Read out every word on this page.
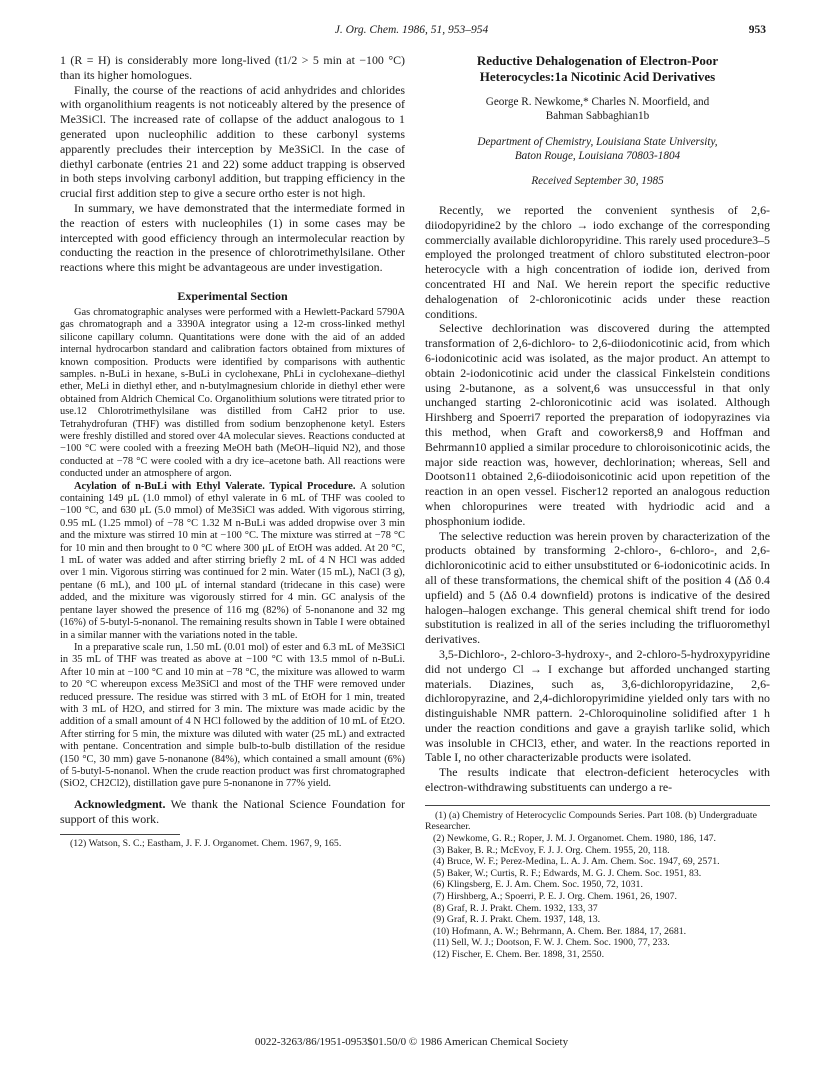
J. Org. Chem. 1986, 51, 953–954	953

1 (R = H) is considerably more long-lived (t1/2 > 5 min at −100 °C) than its higher homologues.

Finally, the course of the reactions of acid anhydrides and chlorides with organolithium reagents is not noticeably altered by the presence of Me3SiCl. The increased rate of collapse of the adduct analogous to 1 generated upon nucleophilic addition to these carbonyl systems apparently precludes their interception by Me3SiCl. In the case of diethyl carbonate (entries 21 and 22) some adduct trapping is observed in both steps involving carbonyl addition, but trapping efficiency in the crucial first addition step to give a secure ortho ester is not high.

In summary, we have demonstrated that the intermediate formed in the reaction of esters with nucleophiles (1) in some cases may be intercepted with good efficiency through an intermolecular reaction by conducting the reaction in the presence of chlorotrimethylsilane. Other reactions where this might be advantageous are under investigation.

Experimental Section

Gas chromatographic analyses were performed with a Hewlett-Packard 5790A gas chromatograph and a 3390A integrator using a 12-m cross-linked methyl silicone capillary column. Quantitations were done with the aid of an added internal hydrocarbon standard and calibration factors obtained from mixtures of known composition. Products were identified by comparisons with authentic samples. n-BuLi in hexane, s-BuLi in cyclohexane, PhLi in cyclohexane–diethyl ether, MeLi in diethyl ether, and n-butylmagnesium chloride in diethyl ether were obtained from Aldrich Chemical Co. Organolithium solutions were titrated prior to use.12 Chlorotrimethylsilane was distilled from CaH2 prior to use. Tetrahydrofuran (THF) was distilled from sodium benzophenone ketyl. Esters were freshly distilled and stored over 4A molecular sieves. Reactions conducted at −100 °C were cooled with a freezing MeOH bath (MeOH–liquid N2), and those conducted at −78 °C were cooled with a dry ice–acetone bath. All reactions were conducted under an atmosphere of argon.

Acylation of n-BuLi with Ethyl Valerate. Typical Procedure. A solution containing 149 μL (1.0 mmol) of ethyl valerate in 6 mL of THF was cooled to −100 °C, and 630 μL (5.0 mmol) of Me3SiCl was added. With vigorous stirring, 0.95 mL (1.25 mmol) of −78 °C 1.32 M n-BuLi was added dropwise over 3 min and the mixture was stirred 10 min at −100 °C. The mixture was stirred at −78 °C for 10 min and then brought to 0 °C where 300 μL of EtOH was added. At 20 °C, 1 mL of water was added and after stirring briefly 2 mL of 4 N HCl was added over 1 min. Vigorous stirring was continued for 2 min. Water (15 mL), NaCl (3 g), pentane (6 mL), and 100 μL of internal standard (tridecane in this case) were added, and the mixiture was vigorously stirred for 4 min. GC analysis of the pentane layer showed the presence of 116 mg (82%) of 5-nonanone and 32 mg (16%) of 5-butyl-5-nonanol. The remaining results shown in Table I were obtained in a similar manner with the variations noted in the table.

In a preparative scale run, 1.50 mL (0.01 mol) of ester and 6.3 mL of Me3SiCl in 35 mL of THF was treated as above at −100 °C with 13.5 mmol of n-BuLi. After 10 min at −100 °C and 10 min at −78 °C, the mixiture was allowed to warm to 20 °C whereupon excess Me3SiCl and most of the THF were removed under reduced pressure. The residue was stirred with 3 mL of EtOH for 1 min, treated with 3 mL of H2O, and stirred for 3 min. The mixture was made acidic by the addition of a small amount of 4 N HCl followed by the addition of 10 mL of Et2O. After stirring for 5 min, the mixture was diluted with water (25 mL) and extracted with pentane. Concentration and simple bulb-to-bulb distillation of the residue (150 °C, 30 mm) gave 5-nonanone (84%), which contained a small amount (6%) of 5-butyl-5-nonanol. When the crude reaction product was first chromatographed (SiO2, CH2Cl2), distillation gave pure 5-nonanone in 77% yield.

Acknowledgment. We thank the National Science Foundation for support of this work.

(12) Watson, S. C.; Eastham, J. F. J. Organomet. Chem. 1967, 9, 165.

Reductive Dehalogenation of Electron-Poor
Heterocycles:1a Nicotinic Acid Derivatives

George R. Newkome,* Charles N. Moorfield, and
Bahman Sabbaghian1b

Department of Chemistry, Louisiana State University,
Baton Rouge, Louisiana 70803-1804

Received September 30, 1985

Recently, we reported the convenient synthesis of 2,6-diiodopyridine2 by the chloro → iodo exchange of the corresponding commercially available dichloropyridine. This rarely used procedure3–5 employed the prolonged treatment of chloro substituted electron-poor heterocycle with a high concentration of iodide ion, derived from concentrated HI and NaI. We herein report the specific reductive dehalogenation of 2-chloronicotinic acids under these reaction conditions.

Selective dechlorination was discovered during the attempted transformation of 2,6-dichloro- to 2,6-diiodonicotinic acid, from which 6-iodonicotinic acid was isolated, as the major product. An attempt to obtain 2-iodonicotinic acid under the classical Finkelstein conditions using 2-butanone, as a solvent,6 was unsuccessful in that only unchanged starting 2-chloronicotinic acid was isolated. Although Hirshberg and Spoerri7 reported the preparation of iodopyrazines via this method, when Graft and coworkers8,9 and Hoffman and Behrmann10 applied a similar procedure to chloroisonicotinic acids, the major side reaction was, however, dechlorination; whereas, Sell and Dootson11 obtained 2,6-diiodoisonicotinic acid upon repetition of the reaction in an open vessel. Fischer12 reported an analogous reduction when chloropurines were treated with hydriodic acid and a phosphonium iodide.

The selective reduction was herein proven by characterization of the products obtained by transforming 2-chloro-, 6-chloro-, and 2,6-dichloronicotinic acid to either unsubstituted or 6-iodonicotinic acids. In all of these transformations, the chemical shift of the position 4 (Δδ 0.4 upfield) and 5 (Δδ 0.4 downfield) protons is indicative of the desired halogen–halogen exchange. This general chemical shift trend for iodo substitution is realized in all of the series including the trifluoromethyl derivatives.

3,5-Dichloro-, 2-chloro-3-hydroxy-, and 2-chloro-5-hydroxypyridine did not undergo Cl → I exchange but afforded unchanged starting materials. Diazines, such as, 3,6-dichloropyridazine, 2,6-dichloropyrazine, and 2,4-dichloropyrimidine yielded only tars with no distinguishable NMR pattern. 2-Chloroquinoline solidified after 1 h under the reaction conditions and gave a grayish tarlike solid, which was insoluble in CHCl3, ether, and water. In the reactions reported in Table I, no other characterizable products were isolated.

The results indicate that electron-deficient heterocycles with electron-withdrawing substituents can undergo a re-

(1) (a) Chemistry of Heterocyclic Compounds Series. Part 108. (b) Undergraduate Researcher.

(2) Newkome, G. R.; Roper, J. M. J. Organomet. Chem. 1980, 186, 147.

(3) Baker, B. R.; McEvoy, F. J. J. Org. Chem. 1955, 20, 118.

(4) Bruce, W. F.; Perez-Medina, L. A. J. Am. Chem. Soc. 1947, 69, 2571.

(5) Baker, W.; Curtis, R. F.; Edwards, M. G. J. Chem. Soc. 1951, 83.

(6) Klingsberg, E. J. Am. Chem. Soc. 1950, 72, 1031.

(7) Hirshberg, A.; Spoerri, P. E. J. Org. Chem. 1961, 26, 1907.

(8) Graf, R. J. Prakt. Chem. 1932, 133, 37

(9) Graf, R. J. Prakt. Chem. 1937, 148, 13.

(10) Hofmann, A. W.; Behrmann, A. Chem. Ber. 1884, 17, 2681.

(11) Sell, W. J.; Dootson, F. W. J. Chem. Soc. 1900, 77, 233.

(12) Fischer, E. Chem. Ber. 1898, 31, 2550.

0022-3263/86/1951-0953$01.50/0 © 1986 American Chemical Society
